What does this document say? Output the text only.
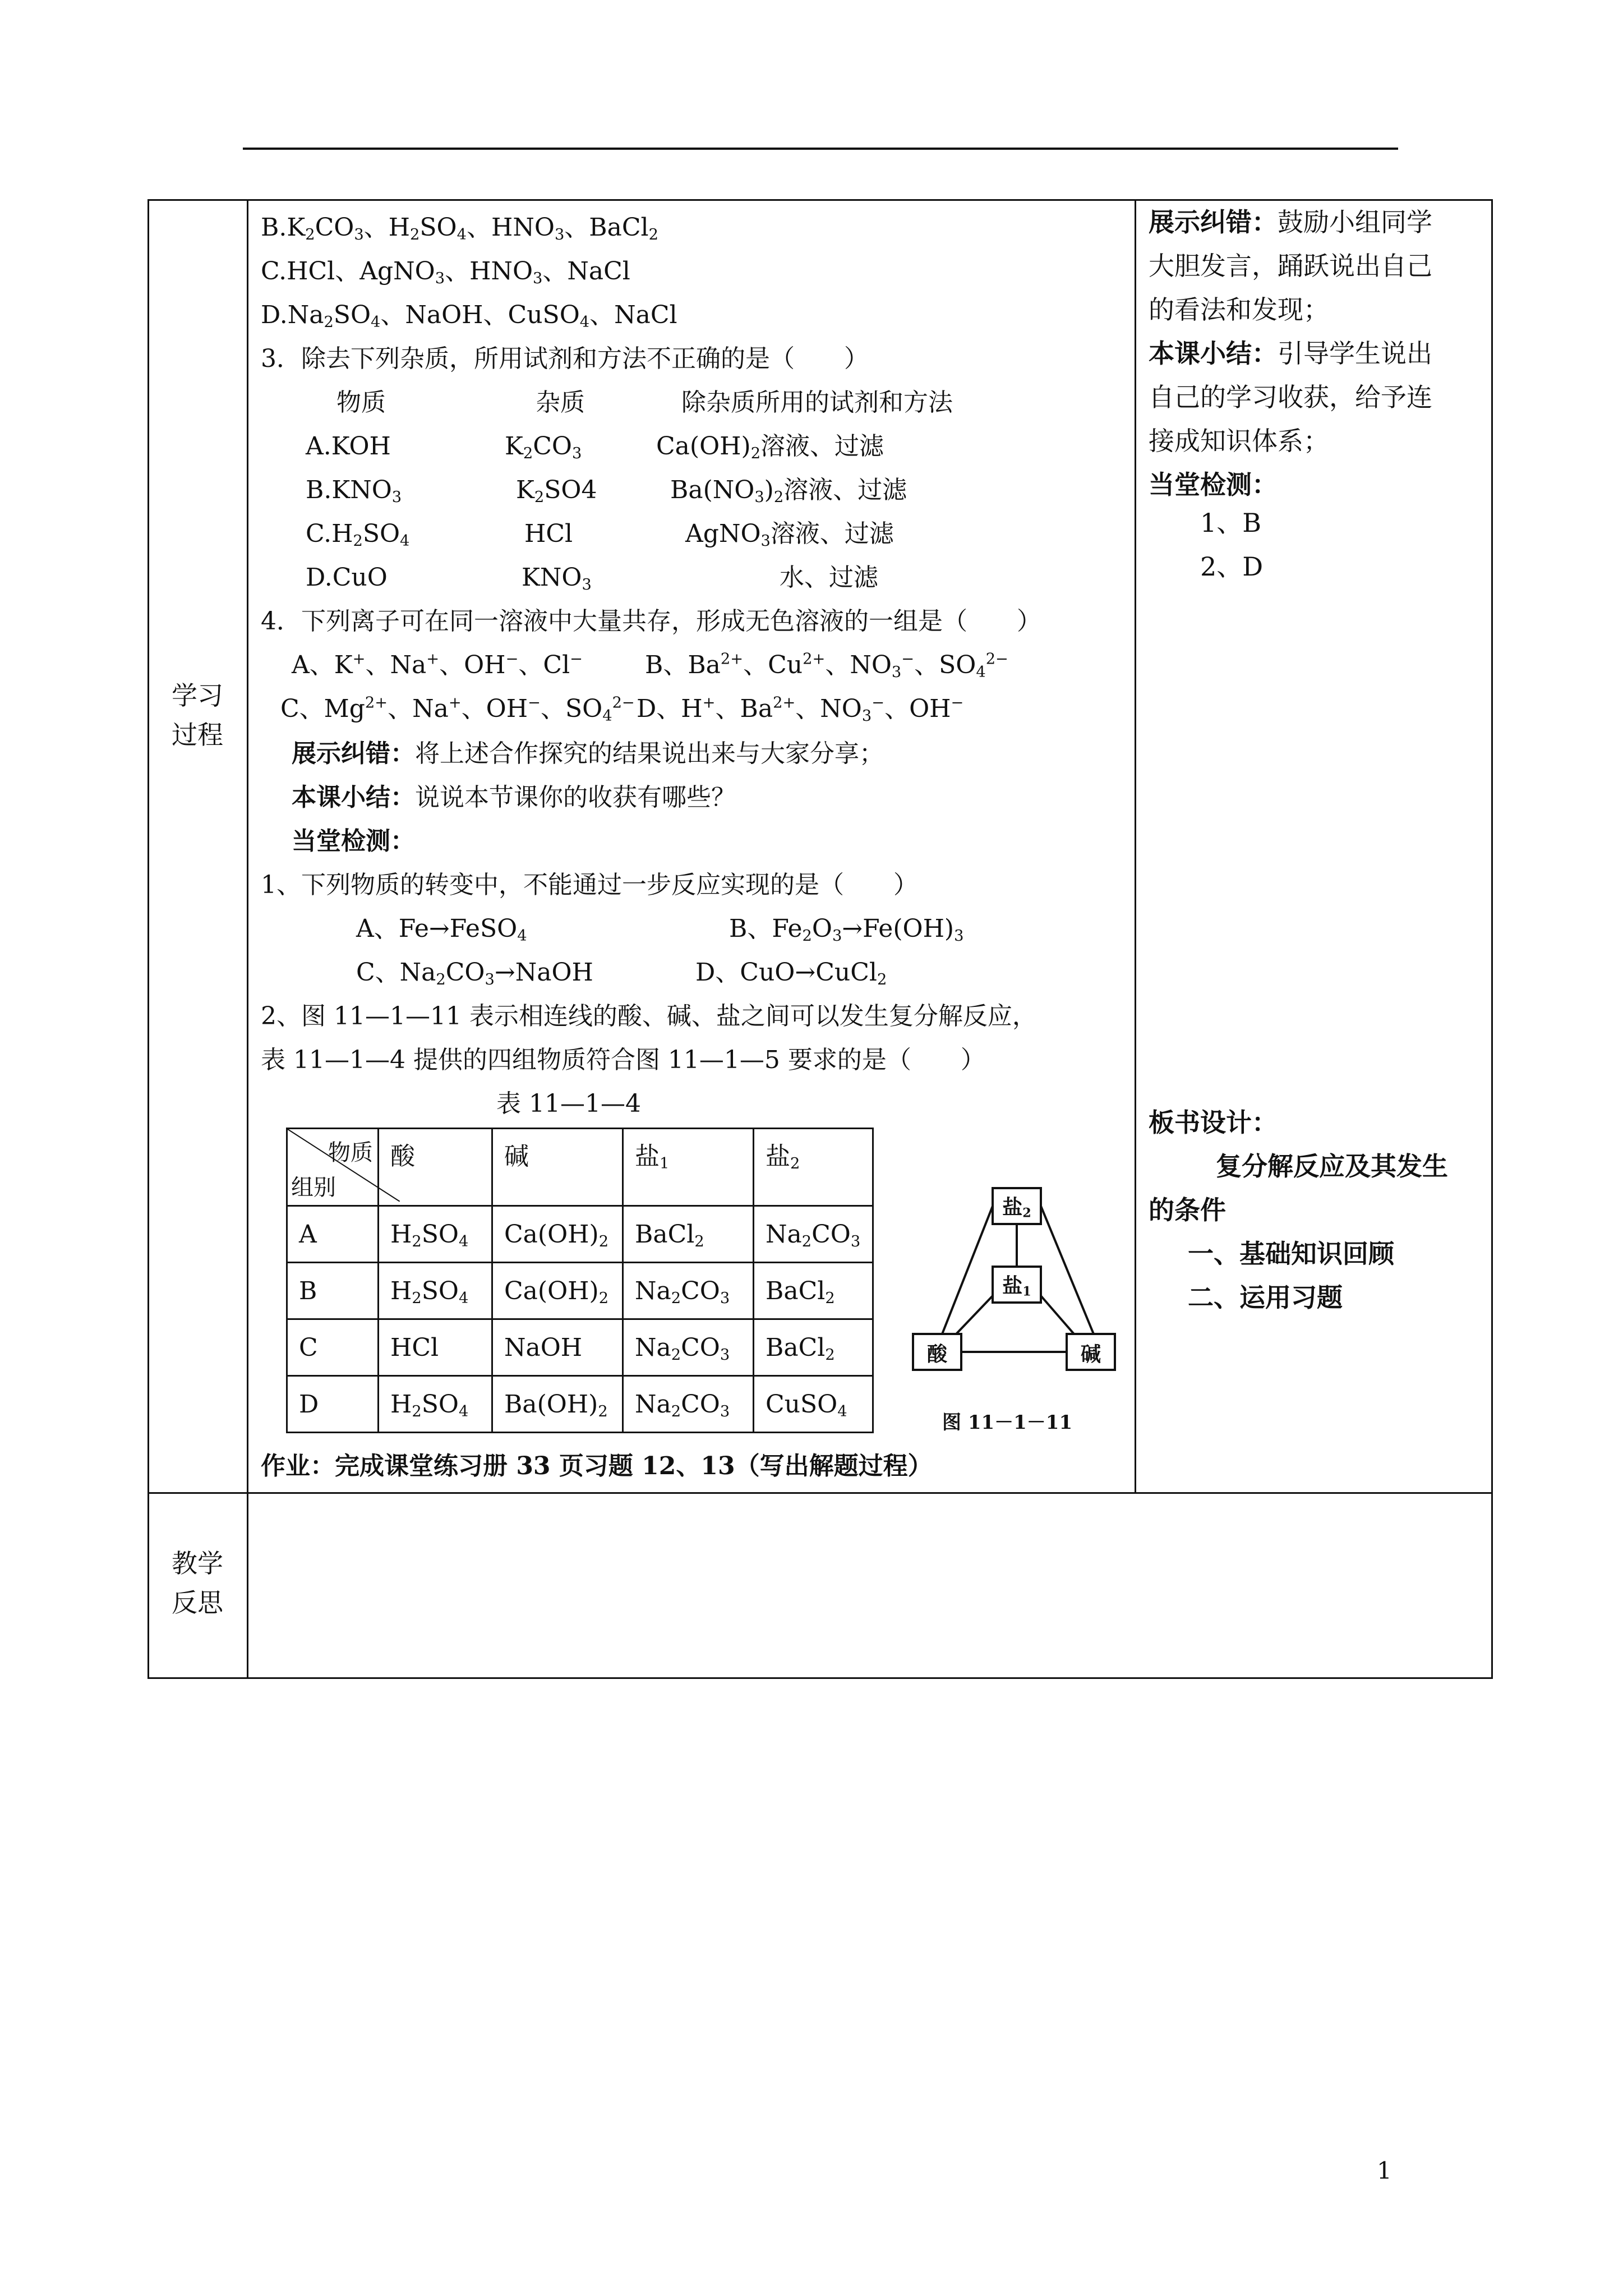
学习
过程
教学
反思
$B.K_2CO_3$、$H_2SO_4$、$HNO_3$、BaCl$_2$
C.HCl、AgNO$_3$、$HNO_3$、NaCl
$D.Na_2SO_4$、NaOH、CuSO$_4$、NaCl
3．除去下列杂质，所用试剂和方法不正确的是（　　）
物质	杂质	除杂质所用的试剂和方法
A.KOH	$K_2CO_3$	$Ca(OH)_2$溶液、过滤
$B.KNO_3$	$K_2SO4$	$Ba(NO_3)_2$溶液、过滤
$C.H_2SO_4$	HCl	AgNO$_3$溶液、过滤
D.CuO	$KNO_3$	水、过滤
4．下列离子可在同一溶液中大量共存，形成无色溶液的一组是（　　）
A、K+、Na+、OH−、Cl−	B、$Ba^{2+}$、$Cu^{2+}$、$NO_3^-$、$SO_4^{2-}$
C、$Mg^{2+}$、Na+、OH−、$SO_4^{2-}$ D、H+、$Ba^{2+}$、$NO_3^-$、OH−
展示纠错：将上述合作探究的结果说出来与大家分享；
本课小结：说说本节课你的收获有哪些？
当堂检测：
1、下列物质的转变中，不能通过一步反应实现的是（　　）
A、Fe→FeSO$_4$	B、$Fe_2O_3\to Fe(OH)_3$
C、$Na_2CO_3\to NaOH$	D、CuO→CuCl$_2$
2、图 11—1—11 表示相连线的酸、碱、盐之间可以发生复分解反应，
表 11—1—4 提供的四组物质符合图 11—1—5 要求的是（　　）
表 11—1—4
物质
组别	酸	碱	盐$_1$	盐$_2$
A	$H_2SO_4$	$Ca(OH)_2$	BaCl$_2$	$Na_2CO_3$
B	$H_2SO_4$	$Ca(OH)_2$	$Na_2CO_3$	BaCl$_2$
C	HCl	NaOH	$Na_2CO_3$	BaCl$_2$
D	$H_2SO_4$	$Ba(OH)_2$	$Na_2CO_3$	CuSO$_4$
盐$_2$
盐$_1$
酸	碱
图 11－1－11
作业：完成课堂练习册 33 页习题 12、13（写出解题过程）
展示纠错：鼓励小组同学
大胆发言，踊跃说出自己
的看法和发现；
本课小结：引导学生说出
自己的学习收获，给予连
接成知识体系；
当堂检测：
1、B
2、D
板书设计：
复分解反应及其发生
的条件
一、基础知识回顾
二、运用习题
1
